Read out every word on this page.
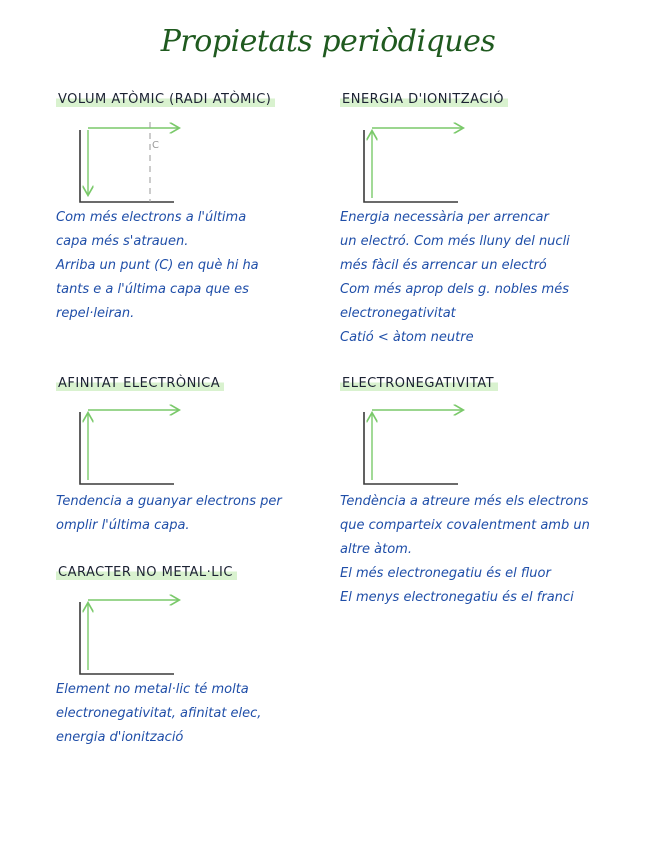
Propietats periòdiques
VOLUM ATÒMIC (RADI ATÒMIC)
C
Com més electrons a l'última
capa més s'atrauen.
Arriba un punt (C) en què hi ha
tants e a l'última capa que es
repel·leiran.
ENERGIA D'IONITZACIÓ
Energia necessària per arrencar
un electró. Com més lluny del nucli
més fàcil és arrencar un electró
Com més aprop dels g. nobles més
electronegativitat
Catió < àtom neutre
AFINITAT ELECTRÒNICA
Tendencia a guanyar electrons per
omplir l'última capa.
ELECTRONEGATIVITAT
Tendència a atreure més els electrons
que comparteix covalentment amb un
altre àtom.
El més electronegatiu és el fluor
El menys electronegatiu és el franci
CARACTER NO METAL·LIC
Element no metal·lic té molta
electronegativitat, afinitat elec,
energia d'ionització
